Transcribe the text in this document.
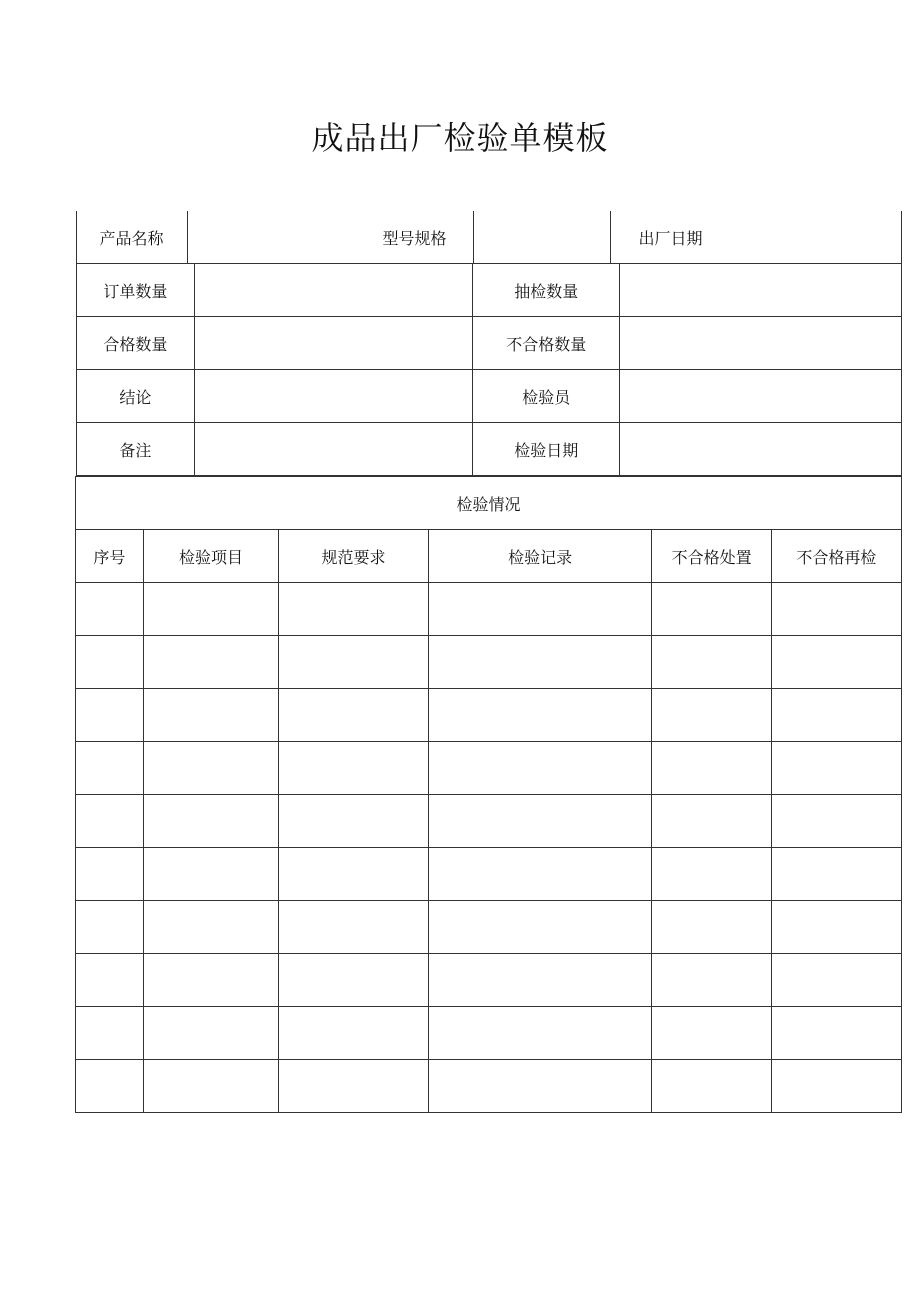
成品出厂检验单模板
产品名称	型号规格		出厂日期

订单数量		抽检数量	

合格数量		不合格数量	

结论		检验员	

备注		检验日期	

检验情况
序号	检验项目	规范要求	检验记录	不合格处置	不合格再检
